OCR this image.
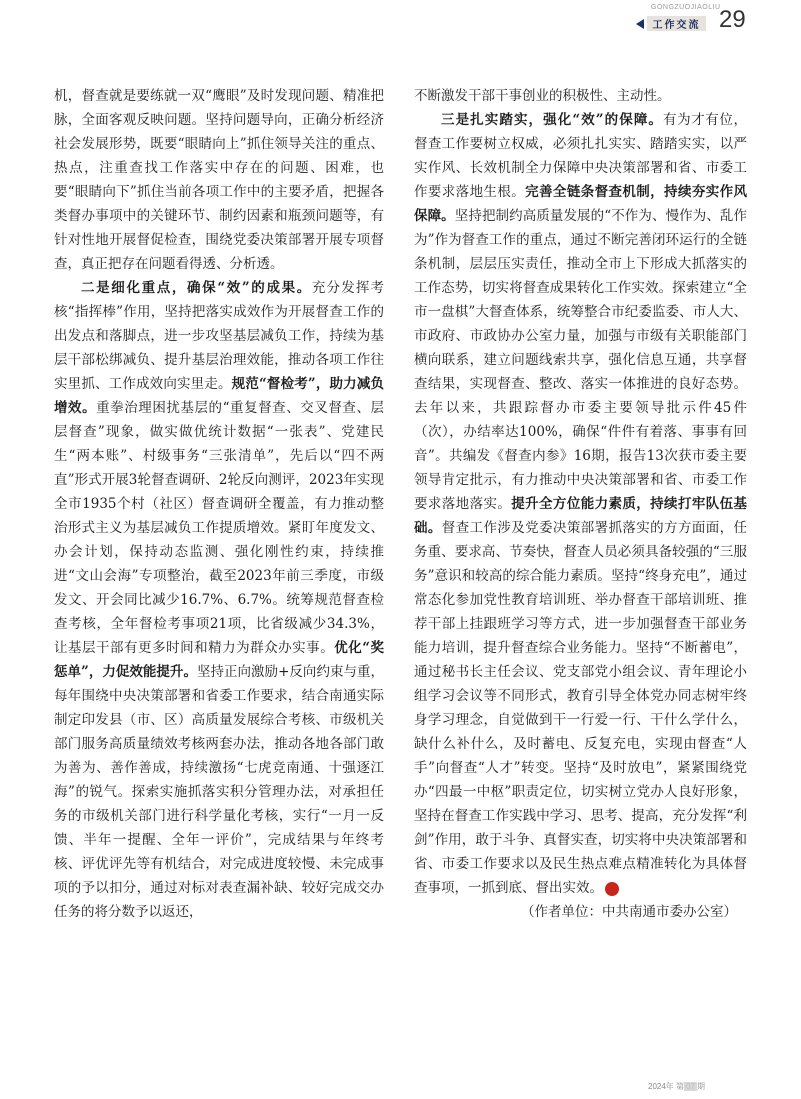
GONGZUOJIAOLIU
工作交流 29

机，督查就是要练就一双“鹰眼”及时发现问题、精准把脉，全面客观反映问题。坚持问题导向，正确分析经济社会发展形势，既要“眼睛向上”抓住领导关注的重点、热点，注重查找工作落实中存在的问题、困难，也要“眼睛向下”抓住当前各项工作中的主要矛盾，把握各类督办事项中的关键环节、制约因素和瓶颈问题等，有针对性地开展督促检查，围绕党委决策部署开展专项督查，真正把存在问题看得透、分析透。

二是细化重点，确保“效”的成果。充分发挥考核“指挥棒”作用，坚持把落实成效作为开展督查工作的出发点和落脚点，进一步攻坚基层减负工作，持续为基层干部松绑减负、提升基层治理效能，推动各项工作往实里抓、工作成效向实里走。规范“督检考”，助力减负增效。重拳治理困扰基层的“重复督查、交叉督查、层层督查”现象，做实做优统计数据“一张表”、党建民生“两本账”、村级事务“三张清单”，先后以“四不两直”形式开展3轮督查调研、2轮反向测评，2023年实现全市1935个村（社区）督查调研全覆盖，有力推动整治形式主义为基层减负工作提质增效。紧盯年度发文、办会计划，保持动态监测、强化刚性约束，持续推进“文山会海”专项整治，截至2023年前三季度，市级发文、开会同比减少16.7%、6.7%。统筹规范督查检查考核，全年督检考事项21项，比省级减少34.3%，让基层干部有更多时间和精力为群众办实事。优化“奖惩单”，力促效能提升。坚持正向激励+反向约束与重，每年围绕中央决策部署和省委工作要求，结合南通实际制定印发县（市、区）高质量发展综合考核、市级机关部门服务高质量绩效考核两套办法，推动各地各部门敢为善为、善作善成，持续激扬“七虎竞南通、十强逐江海”的锐气。探索实施抓落实积分管理办法，对承担任务的市级机关部门进行科学量化考核，实行“一月一反馈、半年一提醒、全年一评价”，完成结果与年终考核、评优评先等有机结合，对完成进度较慢、未完成事项的予以扣分，通过对标对表查漏补缺、较好完成交办任务的将分数予以返还，

不断激发干部干事创业的积极性、主动性。

三是扎实踏实，强化“效”的保障。有为才有位，督查工作要树立权威，必须扎扎实实、踏踏实实，以严实作风、长效机制全力保障中央决策部署和省、市委工作要求落地生根。完善全链条督查机制，持续夯实作风保障。坚持把制约高质量发展的“不作为、慢作为、乱作为”作为督查工作的重点，通过不断完善闭环运行的全链条机制，层层压实责任，推动全市上下形成大抓落实的工作态势，切实将督查成果转化工作实效。探索建立“全市一盘棋”大督查体系，统筹整合市纪委监委、市人大、市政府、市政协办公室力量，加强与市级有关职能部门横向联系，建立问题线索共享，强化信息互通，共享督查结果，实现督查、整改、落实一体推进的良好态势。去年以来，共跟踪督办市委主要领导批示件45件（次），办结率达100%，确保“件件有着落、事事有回音”。共编发《督查内参》16期，报告13次获市委主要领导肯定批示，有力推动中央决策部署和省、市委工作要求落地落实。提升全方位能力素质，持续打牢队伍基础。督查工作涉及党委决策部署抓落实的方方面面，任务重、要求高、节奏快，督查人员必须具备较强的“三服务”意识和较高的综合能力素质。坚持“终身充电”，通过常态化参加党性教育培训班、举办督查干部培训班、推荐干部上挂跟班学习等方式，进一步加强督查干部业务能力培训，提升督查综合业务能力。坚持“不断蓄电”，通过秘书长主任会议、党支部党小组会议、青年理论小组学习会议等不同形式，教育引导全体党办同志树牢终身学习理念，自觉做到干一行爱一行、干什么学什么，缺什么补什么，及时蓄电、反复充电，实现由督查“人手”向督查“人才”转变。坚持“及时放电”，紧紧围绕党办“四最一中枢”职责定位，切实树立党办人良好形象，坚持在督查工作实践中学习、思考、提高，充分发挥“利剑”作用，敢于斗争、真督实查，切实将中央决策部署和省、市委工作要求以及民生热点难点精准转化为具体督查事项，一抓到底、督出实效。	◆

（作者单位：中共南通市委办公室）

2024年 第 07 期
